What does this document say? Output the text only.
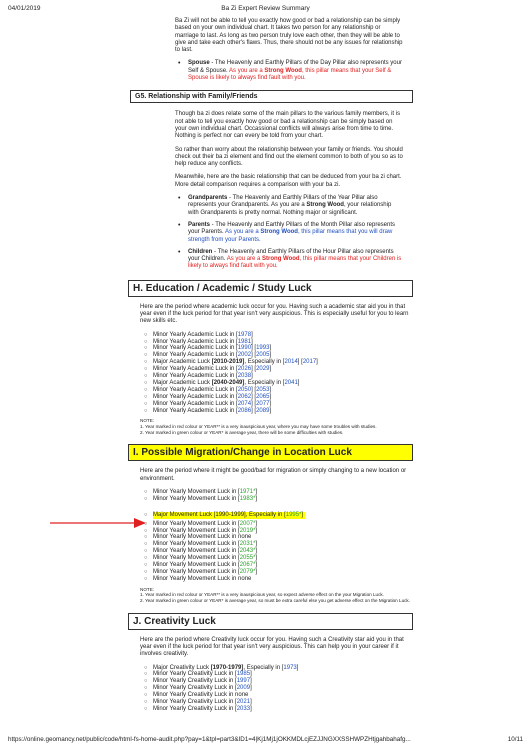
04/01/2019	Ba Zi Expert Review Summary

Ba Zi will not be able to tell you exactly how good or bad a relationship can be simply based on your own individual chart. It takes two person for any relationship or marriage to last. As long as two person truly love each other, then they will be able to give and take each other's flaws. Thus, there should not be any issues for relationship to last.

• Spouse - The Heavenly and Earthly Pillars of the Day Pillar also represents your Self & Spouse. As you are a Strong Wood, this pillar means that your Self & Spouse is likely to always find fault with you.
G5. Relationship with Family/Friends

Though ba zi does relate some of the main pillars to the various family members, it is not able to tell you exactly how good or bad a relationship can be simply based on your own individual chart. Occassional conflicts will always arise from time to time. Nothing is perfect nor can every be told from your chart.

So rather than worry about the relationship between your family or friends. You should check out their ba zi element and find out the element common to both of you so as to help reduce any conflicts.

Meanwhile, here are the basic relationship that can be deduced from your ba zi chart. More detail comparison requires a comparison with your ba zi.

• Grandparents - The Heavenly and Earthly Pillars of the Year Pillar also represents your Grandparents. As you are a Strong Wood, your relationship with Grandparents is pretty normal. Nothing major or significant.
• Parents - The Heavenly and Earthly Pillars of the Month Pillar also represents your Parents. As you are a Strong Wood, this pillar means that you will draw strength from your Parents.
• Children - The Heavenly and Earthly Pillars of the Hour Pillar also represents your Children. As you are a Strong Wood, this pillar means that your Children is likely to always find fault with you.
H. Education / Academic / Study Luck

Here are the period where academic luck occur for you. Having such a academic star aid you in that year even if the luck period for that year isn't very auspicious. This is especially useful for you to learn new skills etc.

○ Minor Yearly Academic Luck in [1978]
○ Minor Yearly Academic Luck in [1981]
○ Minor Yearly Academic Luck in [1990] [1993]
○ Minor Yearly Academic Luck in [2002] [2005]
○ Major Academic Luck [2010-2019], Especially in [2014] [2017]
○ Minor Yearly Academic Luck in [2026] [2029]
○ Minor Yearly Academic Luck in [2038]
○ Major Academic Luck [2040-2049], Especially in [2041]
○ Minor Yearly Academic Luck in [2050] [2053]
○ Minor Yearly Academic Luck in [2062] [2065]
○ Minor Yearly Academic Luck in [2074] [2077]
○ Minor Yearly Academic Luck in [2086] [2089]
NOTE:
1. Year marked in red colour or YEAR** is a very inauspicious year, where you may have some troubles with studies.
2. Year marked in green colour or YEAR* is average year, there will be some difficulties with studies.
I. Possible Migration/Change in Location Luck

Here are the period where it might be good/bad for migration or simply changing to a new location or environment.

○ Minor Yearly Movement Luck in [1971*]
○ Minor Yearly Movement Luck in [1983*]
○ Major Movement Luck [1990-1999], Especially in [1995*]

○ Minor Yearly Movement Luck in [2007*]
○ Minor Yearly Movement Luck in [2019*]
○ Minor Yearly Movement Luck in none
○ Minor Yearly Movement Luck in [2031*]
○ Minor Yearly Movement Luck in [2043*]
○ Minor Yearly Movement Luck in [2055*]
○ Minor Yearly Movement Luck in [2067*]
○ Minor Yearly Movement Luck in [2079*]
○ Minor Yearly Movement Luck in none
NOTE:
1. Year marked in red colour or YEAR** is a very inauspicious year, so expect adverse effect on the your Migration Luck.
2. Year marked in green colour or YEAR* is average year, so must be extra careful else you get adverse effect on the Migration Luck.
J. Creativity Luck

Here are the period where Creativity luck occur for you. Having such a Creativity star aid you in that year even if the luck period for that year isn't very auspicious. This can help you in your career if it involves creativity.

○ Major Creativity Luck [1970-1979], Especially in [1973]
○ Minor Yearly Creativity Luck in [1985]
○ Minor Yearly Creativity Luck in [1997]
○ Minor Yearly Creativity Luck in [2009]
○ Minor Yearly Creativity Luck in none
○ Minor Yearly Creativity Luck in [2021]
○ Minor Yearly Creativity Luck in [2033]
https://online.geomancy.net/public/code/html-fs-home-audit.php?pay=1&tpl=part3&ID1=4|Kj1Mj1jOKKMDLcjEZJJNGXXSSHWPZHtjgahbahafg...	10/11
